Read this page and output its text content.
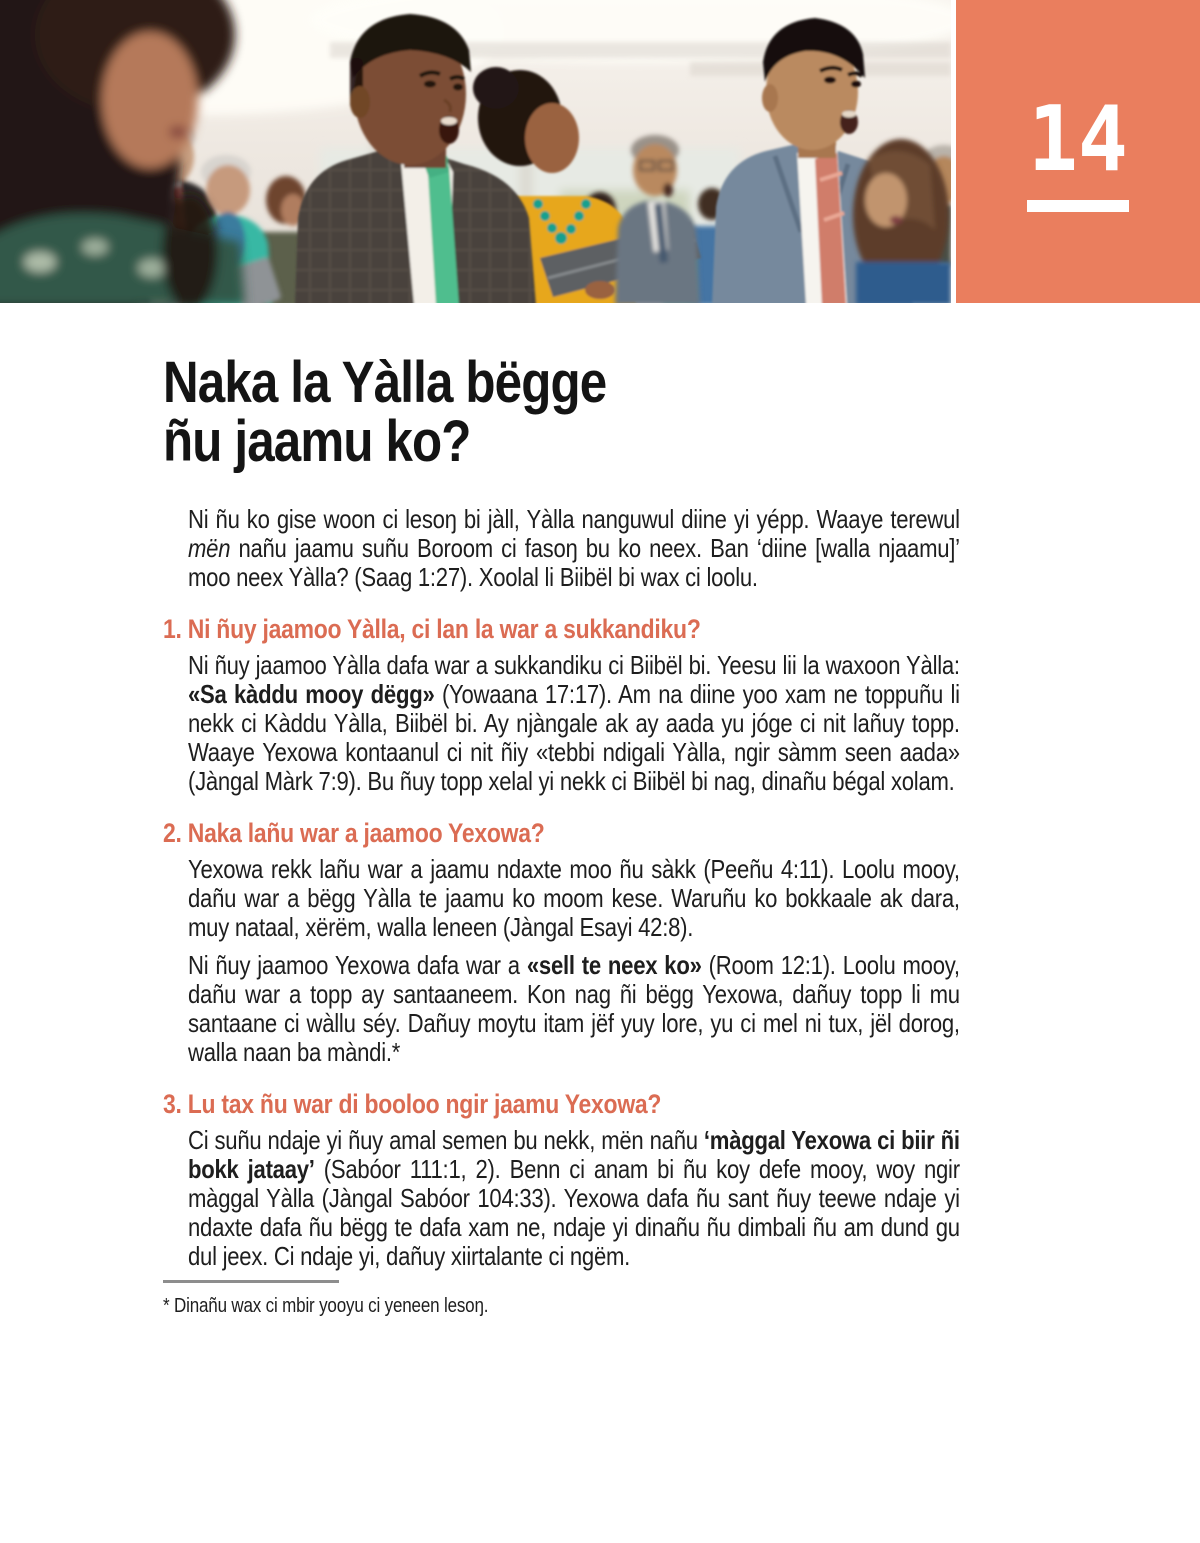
14
Naka la Yàlla bëgge
ñu jaamu ko?

Ni ñu ko gise woon ci lesoŋ bi jàll, Yàlla nanguwul diine yi yépp. Waaye terewul mën nañu jaamu suñu Boroom ci fasoŋ bu ko neex. Ban ‘diine [walla njaamu]’ moo neex Yàlla? (Saag 1:27). Xoolal li Biibël bi wax ci loolu.

1. Ni ñuy jaamoo Yàlla, ci lan la war a sukkandiku?

Ni ñuy jaamoo Yàlla dafa war a sukkandiku ci Biibël bi. Yeesu lii la waxoon Yàlla: «Sa kàddu mooy dëgg» (Yowaana 17:17). Am na diine yoo xam ne toppuñu li nekk ci Kàddu Yàlla, Biibël bi. Ay njàngale ak ay aada yu jóge ci nit lañuy topp. Waaye Yexowa kontaanul ci nit ñiy «tebbi ndigali Yàlla, ngir sàmm seen aada» (Jàngal Màrk 7:9). Bu ñuy topp xelal yi nekk ci Biibël bi nag, dinañu bégal xolam.

2. Naka lañu war a jaamoo Yexowa?

Yexowa rekk lañu war a jaamu ndaxte moo ñu sàkk (Peeñu 4:11). Loolu mooy, dañu war a bëgg Yàlla te jaamu ko moom kese. Waruñu ko bokkaale ak dara, muy nataal, xërëm, walla leneen (Jàngal Esayi 42:8).

Ni ñuy jaamoo Yexowa dafa war a «sell te neex ko» (Room 12:1). Loolu mooy, dañu war a topp ay santaaneem. Kon nag ñi bëgg Yexowa, dañuy topp li mu santaane ci wàllu séy. Dañuy moytu itam jëf yuy lore, yu ci mel ni tux, jël dorog, walla naan ba màndi.*

3. Lu tax ñu war di booloo ngir jaamu Yexowa?

Ci suñu ndaje yi ñuy amal semen bu nekk, mën nañu ‘màggal Yexowa ci biir ñi bokk jataay’ (Sabóor 111:1, 2). Benn ci anam bi ñu koy defe mooy, woy ngir màggal Yàlla (Jàngal Sabóor 104:33). Yexowa dafa ñu sant ñuy teewe ndaje yi ndaxte dafa ñu bëgg te dafa xam ne, ndaje yi dinañu ñu dimbali ñu am dund gu dul jeex. Ci ndaje yi, dañuy xiirtalante ci ngëm.

* Dinañu wax ci mbir yooyu ci yeneen lesoŋ.
